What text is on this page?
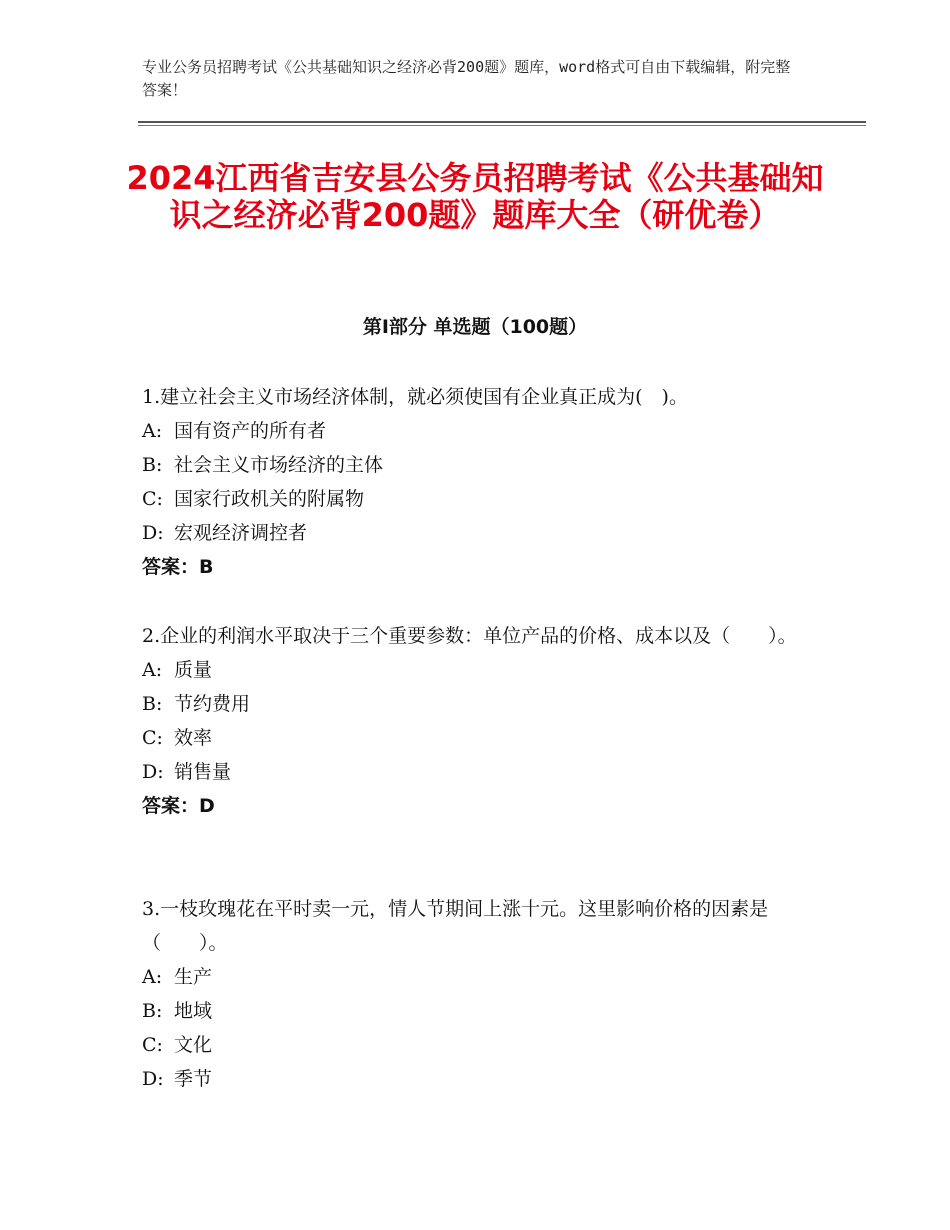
专业公务员招聘考试《公共基础知识之经济必背200题》题库，word格式可自由下载编辑，附完整答案！
2024江西省吉安县公务员招聘考试《公共基础知识之经济必背200题》题库大全（研优卷）
第Ⅰ部分 单选题（100题）
1.建立社会主义市场经济体制，就必须使国有企业真正成为(　)。
A: 国有资产的所有者
B: 社会主义市场经济的主体
C: 国家行政机关的附属物
D: 宏观经济调控者
答案：B
2.企业的利润水平取决于三个重要参数：单位产品的价格、成本以及（　　）。
A: 质量
B: 节约费用
C: 效率
D: 销售量
答案：D
3.一枝玫瑰花在平时卖一元，情人节期间上涨十元。这里影响价格的因素是（　　）。
A: 生产
B: 地域
C: 文化
D: 季节
